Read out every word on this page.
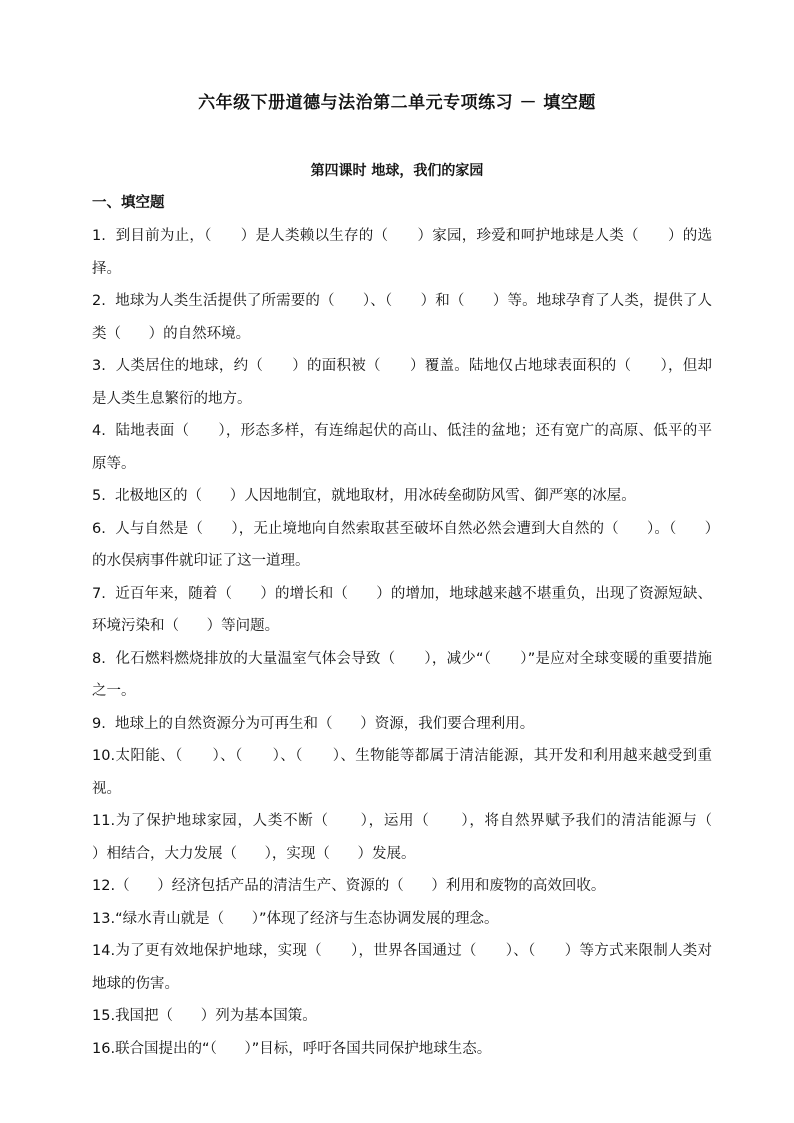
六年级下册道德与法治第二单元专项练习 － 填空题
第四课时 地球，我们的家园
一、填空题
1.  到目前为止，（      ）是人类赖以生存的（      ）家园，珍爱和呵护地球是人类（      ）的选择。
2.  地球为人类生活提供了所需要的（      ）、（      ）和（      ）等。地球孕育了人类，提供了人类（      ）的自然环境。
3.  人类居住的地球，约（      ）的面积被（      ）覆盖。陆地仅占地球表面积的（      ），但却是人类生息繁衍的地方。
4.  陆地表面（      ），形态多样，有连绵起伏的高山、低洼的盆地；还有宽广的高原、低平的平原等。
5.  北极地区的（      ）人因地制宜，就地取材，用冰砖垒砌防风雪、御严寒的冰屋。
6.  人与自然是（      ），无止境地向自然索取甚至破坏自然必然会遭到大自然的（      ）。（      ）的水俣病事件就印证了这一道理。
7.  近百年来，随着（      ）的增长和（      ）的增加，地球越来越不堪重负，出现了资源短缺、环境污染和（      ）等问题。
8.  化石燃料燃烧排放的大量温室气体会导致（      ），减少“（      ）”是应对全球变暖的重要措施之一。
9.  地球上的自然资源分为可再生和（      ）资源，我们要合理利用。
10.太阳能、（      ）、（      ）、（      ）、生物能等都属于清洁能源，其开发和利用越来越受到重视。
11.为了保护地球家园，人类不断（      ），运用（      ），将自然界赋予我们的清洁能源与（      ）相结合，大力发展（      ），实现（      ）发展。
12.（      ）经济包括产品的清洁生产、资源的（      ）利用和废物的高效回收。
13.“绿水青山就是（      ）”体现了经济与生态协调发展的理念。
14.为了更有效地保护地球，实现（      ），世界各国通过（      ）、（      ）等方式来限制人类对地球的伤害。
15.我国把（      ）列为基本国策。
16.联合国提出的“（      ）”目标，呼吁各国共同保护地球生态。
